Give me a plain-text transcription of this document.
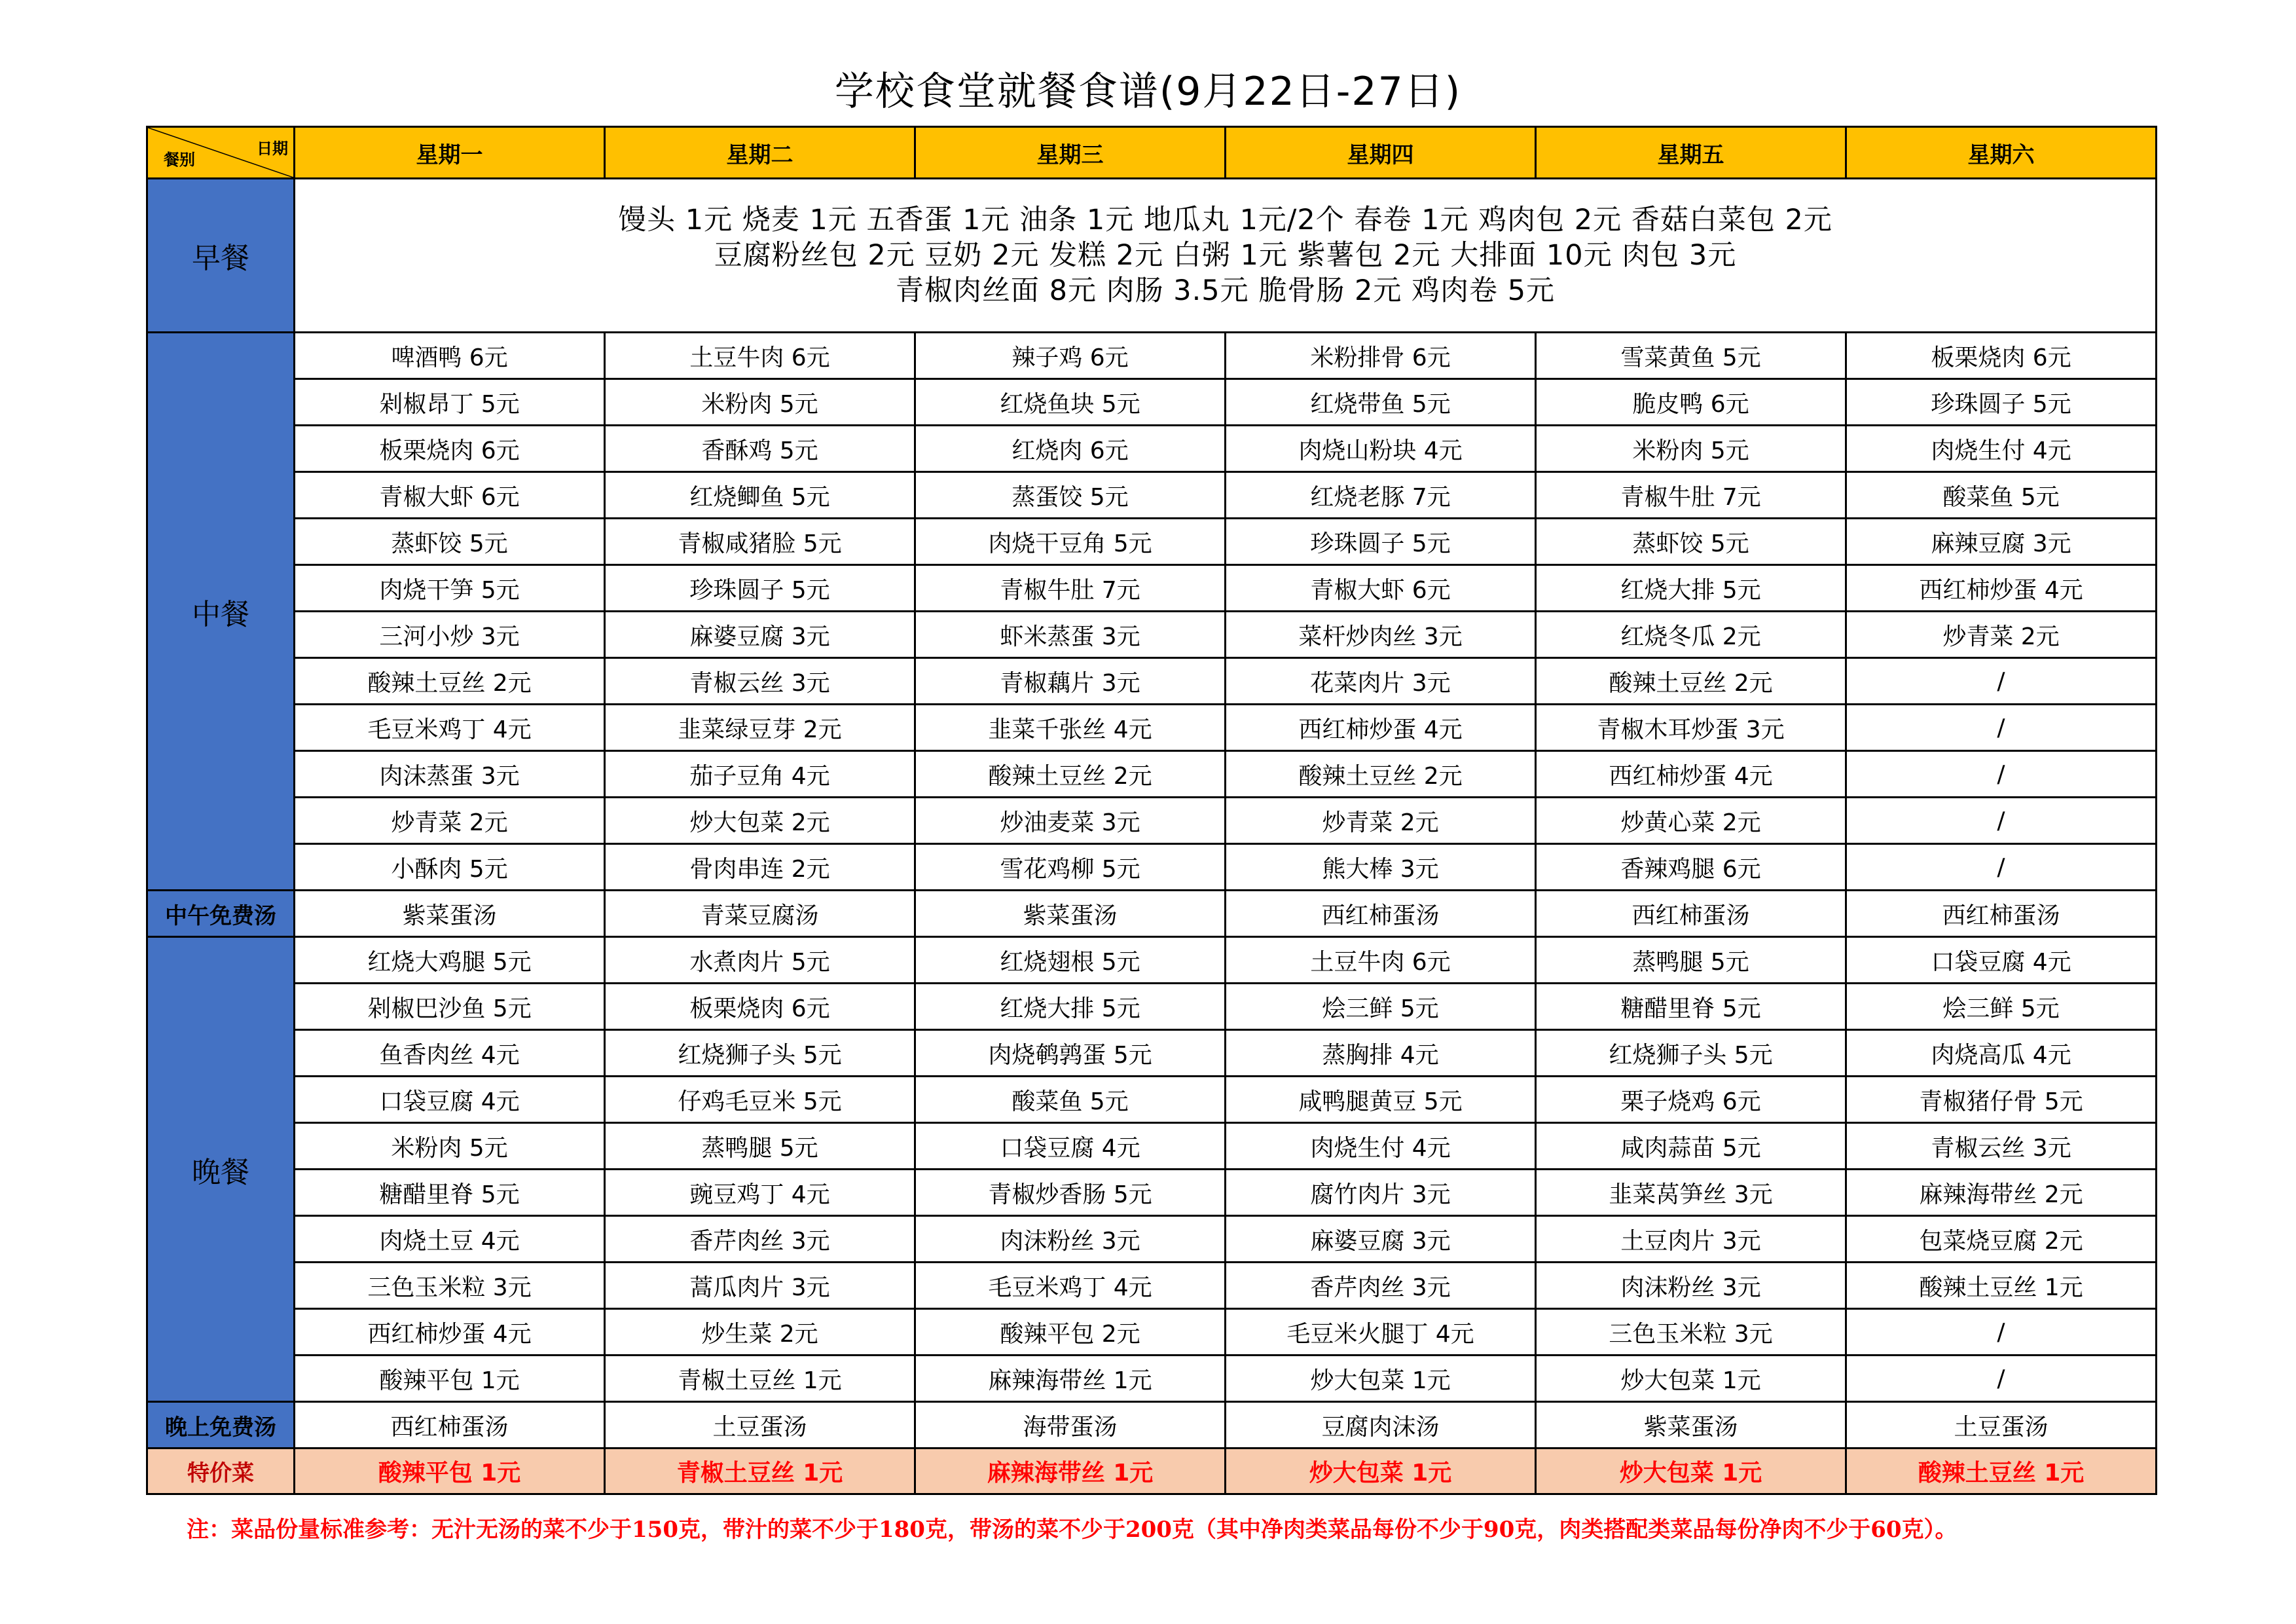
学校食堂就餐食谱(9月22日-27日)
餐别
日期	星期一	星期二	星期三	星期四	星期五	星期六
早餐	馒头 1元 烧麦 1元 五香蛋 1元 油条 1元 地瓜丸 1元/2个 春卷 1元 鸡肉包 2元 香菇白菜包 2元
豆腐粉丝包 2元 豆奶 2元 发糕 2元 白粥 1元 紫薯包 2元 大排面 10元 肉包 3元
青椒肉丝面 8元 肉肠 3.5元 脆骨肠 2元 鸡肉卷 5元					

中餐	啤酒鸭 6元	土豆牛肉 6元	辣子鸡 6元	米粉排骨 6元	雪菜黄鱼 5元	板栗烧肉 6元
	剁椒昂丁 5元	米粉肉 5元	红烧鱼块 5元	红烧带鱼 5元	脆皮鸭 6元	珍珠圆子 5元
	板栗烧肉 6元	香酥鸡 5元	红烧肉 6元	肉烧山粉块 4元	米粉肉 5元	肉烧生付 4元
	青椒大虾 6元	红烧鲫鱼 5元	蒸蛋饺 5元	红烧老豚 7元	青椒牛肚 7元	酸菜鱼 5元
	蒸虾饺 5元	青椒咸猪脸 5元	肉烧干豆角 5元	珍珠圆子 5元	蒸虾饺 5元	麻辣豆腐 3元
	肉烧干笋 5元	珍珠圆子 5元	青椒牛肚 7元	青椒大虾 6元	红烧大排 5元	西红柿炒蛋 4元
	三河小炒 3元	麻婆豆腐 3元	虾米蒸蛋 3元	菜杆炒肉丝 3元	红烧冬瓜 2元	炒青菜 2元
	酸辣土豆丝 2元	青椒云丝 3元	青椒藕片 3元	花菜肉片 3元	酸辣土豆丝 2元	/
	毛豆米鸡丁 4元	韭菜绿豆芽 2元	韭菜千张丝 4元	西红柿炒蛋 4元	青椒木耳炒蛋 3元	/
	肉沫蒸蛋 3元	茄子豆角 4元	酸辣土豆丝 2元	酸辣土豆丝 2元	西红柿炒蛋 4元	/
	炒青菜 2元	炒大包菜 2元	炒油麦菜 3元	炒青菜 2元	炒黄心菜 2元	/
	小酥肉 5元	骨肉串连 2元	雪花鸡柳 5元	熊大棒 3元	香辣鸡腿 6元	/
中午免费汤	紫菜蛋汤	青菜豆腐汤	紫菜蛋汤	西红柿蛋汤	西红柿蛋汤	西红柿蛋汤
晚餐	红烧大鸡腿 5元	水煮肉片 5元	红烧翅根 5元	土豆牛肉 6元	蒸鸭腿 5元	口袋豆腐 4元
	剁椒巴沙鱼 5元	板栗烧肉 6元	红烧大排 5元	烩三鲜 5元	糖醋里脊 5元	烩三鲜 5元
	鱼香肉丝 4元	红烧狮子头 5元	肉烧鹌鹑蛋 5元	蒸胸排 4元	红烧狮子头 5元	肉烧高瓜 4元
	口袋豆腐 4元	仔鸡毛豆米 5元	酸菜鱼 5元	咸鸭腿黄豆 5元	栗子烧鸡 6元	青椒猪仔骨 5元
	米粉肉 5元	蒸鸭腿 5元	口袋豆腐 4元	肉烧生付 4元	咸肉蒜苗 5元	青椒云丝 3元
	糖醋里脊 5元	豌豆鸡丁 4元	青椒炒香肠 5元	腐竹肉片 3元	韭菜莴笋丝 3元	麻辣海带丝 2元
	肉烧土豆 4元	香芹肉丝 3元	肉沫粉丝 3元	麻婆豆腐 3元	土豆肉片 3元	包菜烧豆腐 2元
	三色玉米粒 3元	蒿瓜肉片 3元	毛豆米鸡丁 4元	香芹肉丝 3元	肉沫粉丝 3元	酸辣土豆丝 1元
	西红柿炒蛋 4元	炒生菜 2元	酸辣平包 2元	毛豆米火腿丁 4元	三色玉米粒 3元	/
	酸辣平包 1元	青椒土豆丝 1元	麻辣海带丝 1元	炒大包菜 1元	炒大包菜 1元	/
晚上免费汤	西红柿蛋汤	土豆蛋汤	海带蛋汤	豆腐肉沫汤	紫菜蛋汤	土豆蛋汤
特价菜	酸辣平包 1元	青椒土豆丝 1元	麻辣海带丝 1元	炒大包菜 1元	炒大包菜 1元	酸辣土豆丝 1元
注：菜品份量标准参考：无汁无汤的菜不少于150克，带汁的菜不少于180克，带汤的菜不少于200克（其中净肉类菜品每份不少于90克，肉类搭配类菜品每份净肉不少于60克）。
